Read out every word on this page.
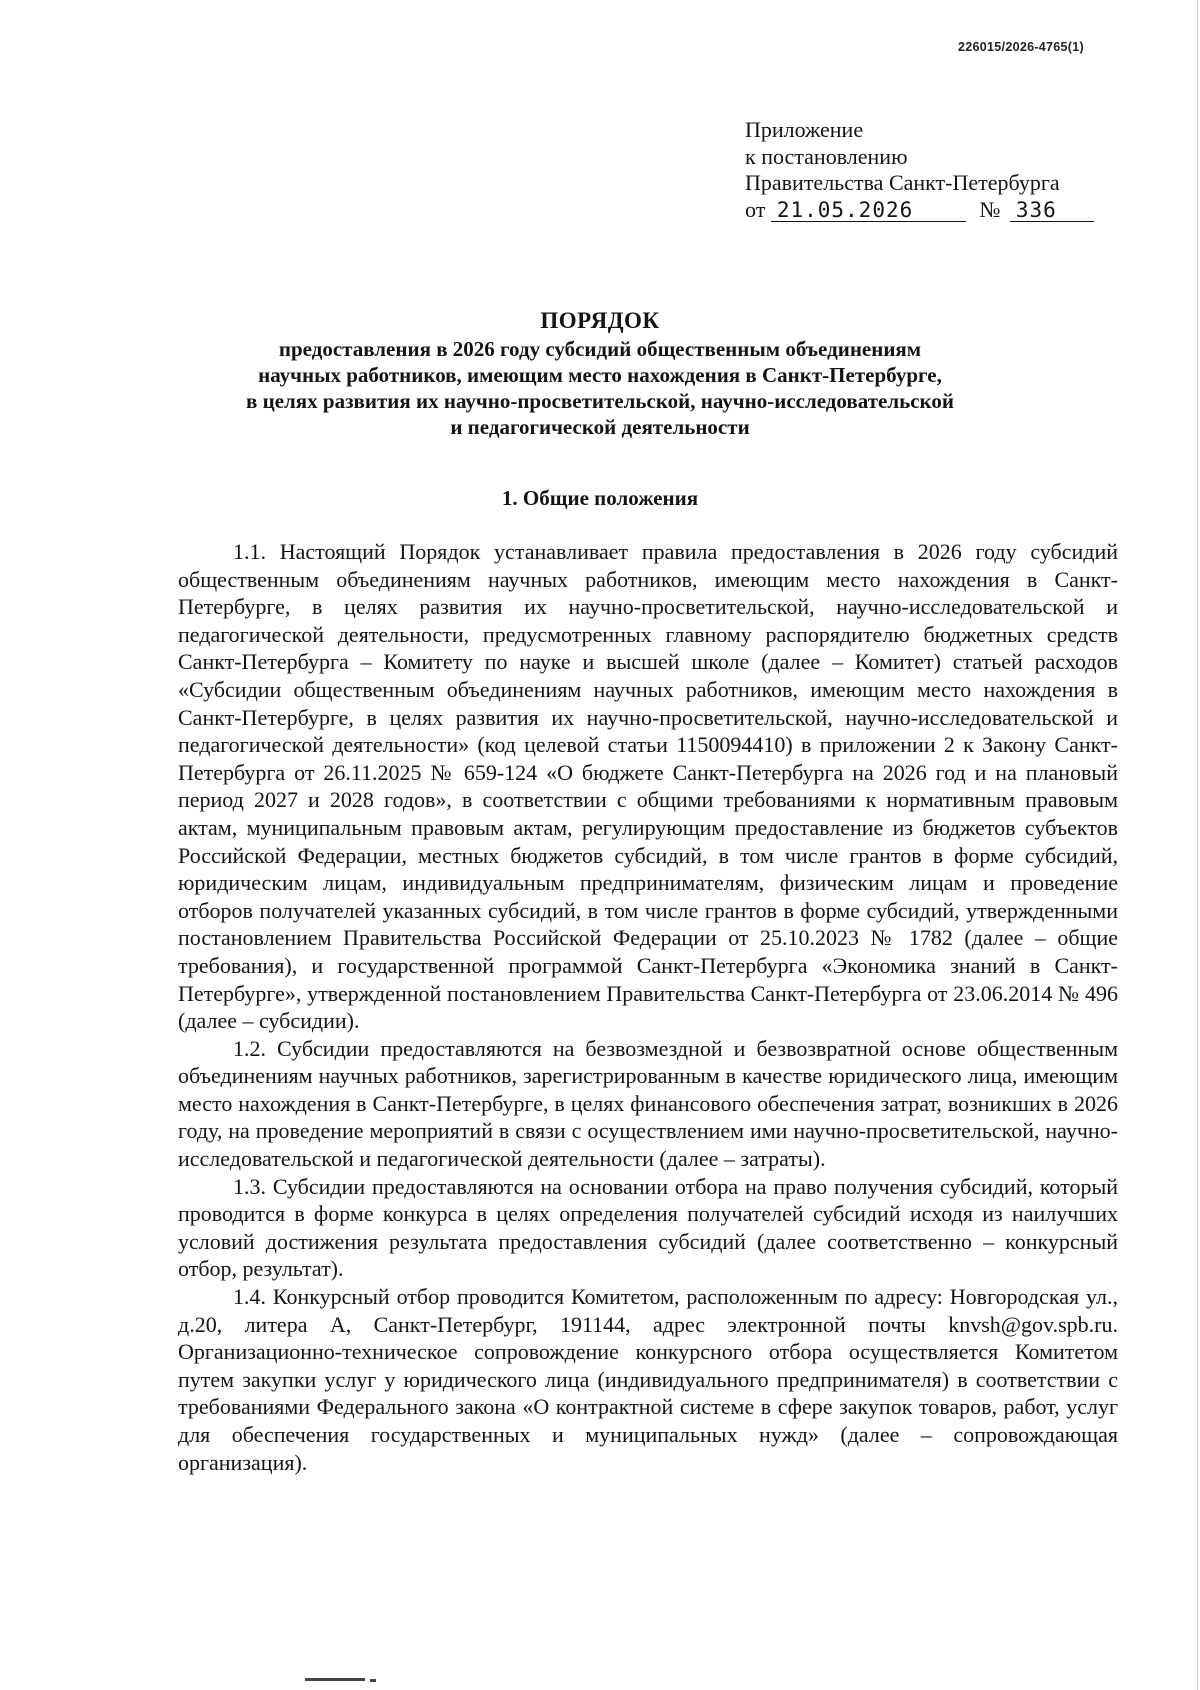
226015/2026-4765(1)
Приложение
к постановлению
Правительства Санкт-Петербурга
от 21.05.2026	№ 336
ПОРЯДОК
предоставления в 2026 году субсидий общественным объединениям
научных работников, имеющим место нахождения в Санкт-Петербурге,
в целях развития их научно-просветительской, научно-исследовательской
и педагогической деятельности
1. Общие положения

1.1. Настоящий Порядок устанавливает правила предоставления в 2026 году субсидий общественным объединениям научных работников, имеющим место нахождения в Санкт-Петербурге, в целях развития их научно-просветительской, научно-исследовательской и педагогической деятельности, предусмотренных главному распорядителю бюджетных средств Санкт-Петербурга – Комитету по науке и высшей школе (далее – Комитет) статьей расходов «Субсидии общественным объединениям научных работников, имеющим место нахождения в Санкт-Петербурге, в целях развития их научно-просветительской, научно-исследовательской и педагогической деятельности» (код целевой статьи 1150094410) в приложении 2 к Закону Санкт-Петербурга от 26.11.2025 № 659-124 «О бюджете Санкт-Петербурга на 2026 год и на плановый период 2027 и 2028 годов», в соответствии с общими требованиями к нормативным правовым актам, муниципальным правовым актам, регулирующим предоставление из бюджетов субъектов Российской Федерации, местных бюджетов субсидий, в том числе грантов в форме субсидий, юридическим лицам, индивидуальным предпринимателям, физическим лицам и проведение отборов получателей указанных субсидий, в том числе грантов в форме субсидий, утвержденными постановлением Правительства Российской Федерации от 25.10.2023 № 1782 (далее – общие требования), и государственной программой Санкт-Петербурга «Экономика знаний в Санкт-Петербурге», утвержденной постановлением Правительства Санкт-Петербурга от 23.06.2014 № 496 (далее – субсидии).

1.2. Субсидии предоставляются на безвозмездной и безвозвратной основе общественным объединениям научных работников, зарегистрированным в качестве юридического лица, имеющим место нахождения в Санкт-Петербурге, в целях финансового обеспечения затрат, возникших в 2026 году, на проведение мероприятий в связи с осуществлением ими научно-просветительской, научно-исследовательской и педагогической деятельности (далее – затраты).

1.3. Субсидии предоставляются на основании отбора на право получения субсидий, который проводится в форме конкурса в целях определения получателей субсидий исходя из наилучших условий достижения результата предоставления субсидий (далее соответственно – конкурсный отбор, результат).

1.4. Конкурсный отбор проводится Комитетом, расположенным по адресу: Новгородская ул., д.20, литера А, Санкт-Петербург, 191144, адрес электронной почты knvsh@gov.spb.ru. Организационно-техническое сопровождение конкурсного отбора осуществляется Комитетом путем закупки услуг у юридического лица (индивидуального предпринимателя) в соответствии с требованиями Федерального закона «О контрактной системе в сфере закупок товаров, работ, услуг для обеспечения государственных и муниципальных нужд» (далее – сопровождающая организация).
